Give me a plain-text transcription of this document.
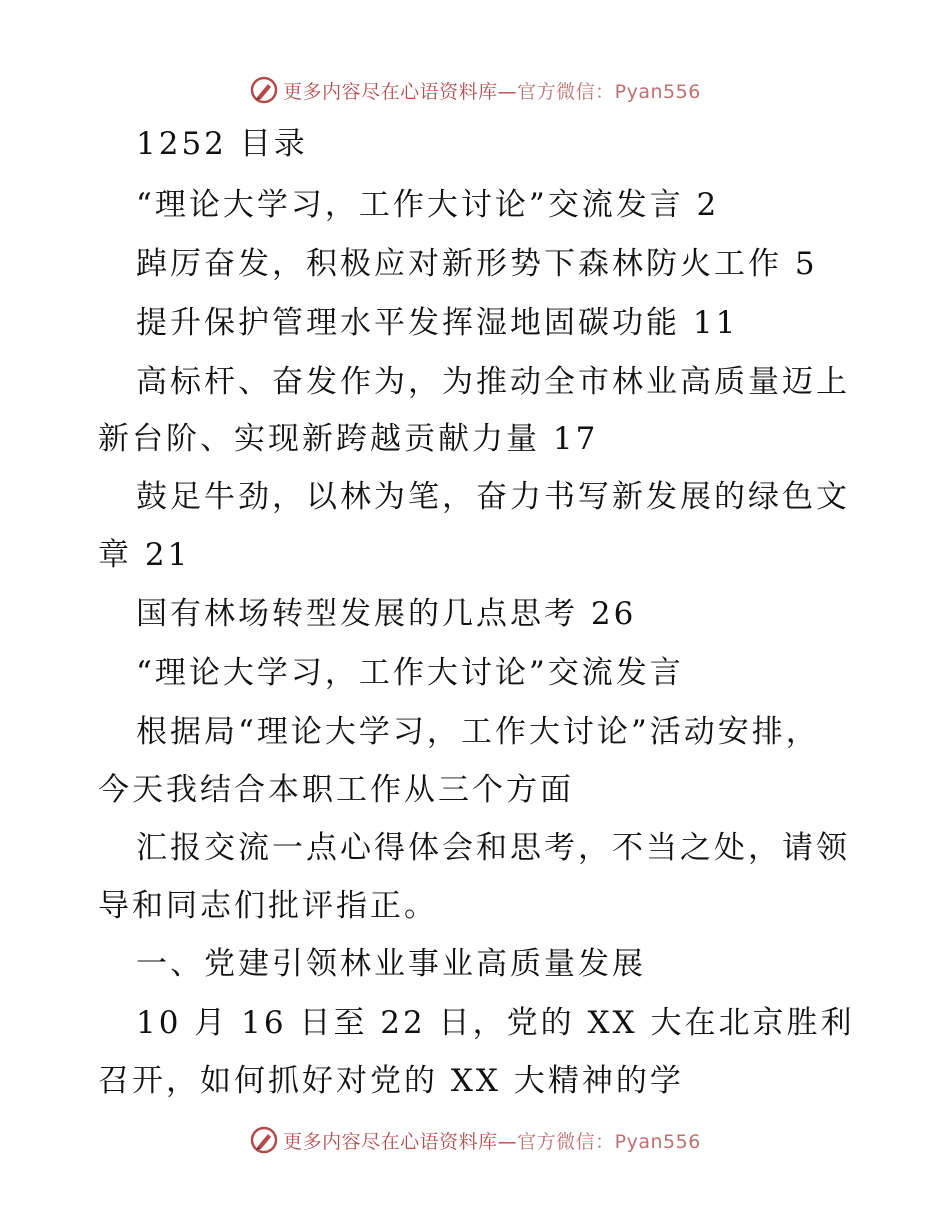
更多内容尽在心语资料库—官方微信：Pyan556
1252 目录
“理论大学习，工作大讨论”交流发言 2
踔厉奋发，积极应对新形势下森林防火工作 5
提升保护管理水平发挥湿地固碳功能 11
高标杆、奋发作为，为推动全市林业高质量迈上
新台阶、实现新跨越贡献力量 17
鼓足牛劲，以林为笔，奋力书写新发展的绿色文
章 21
国有林场转型发展的几点思考 26
“理论大学习，工作大讨论”交流发言
根据局“理论大学习，工作大讨论”活动安排，
今天我结合本职工作从三个方面
汇报交流一点心得体会和思考，不当之处，请领
导和同志们批评指正。
一、党建引领林业事业高质量发展
10 月 16 日至 22 日，党的 XX 大在北京胜利
召开，如何抓好对党的 XX 大精神的学
更多内容尽在心语资料库—官方微信：Pyan556
